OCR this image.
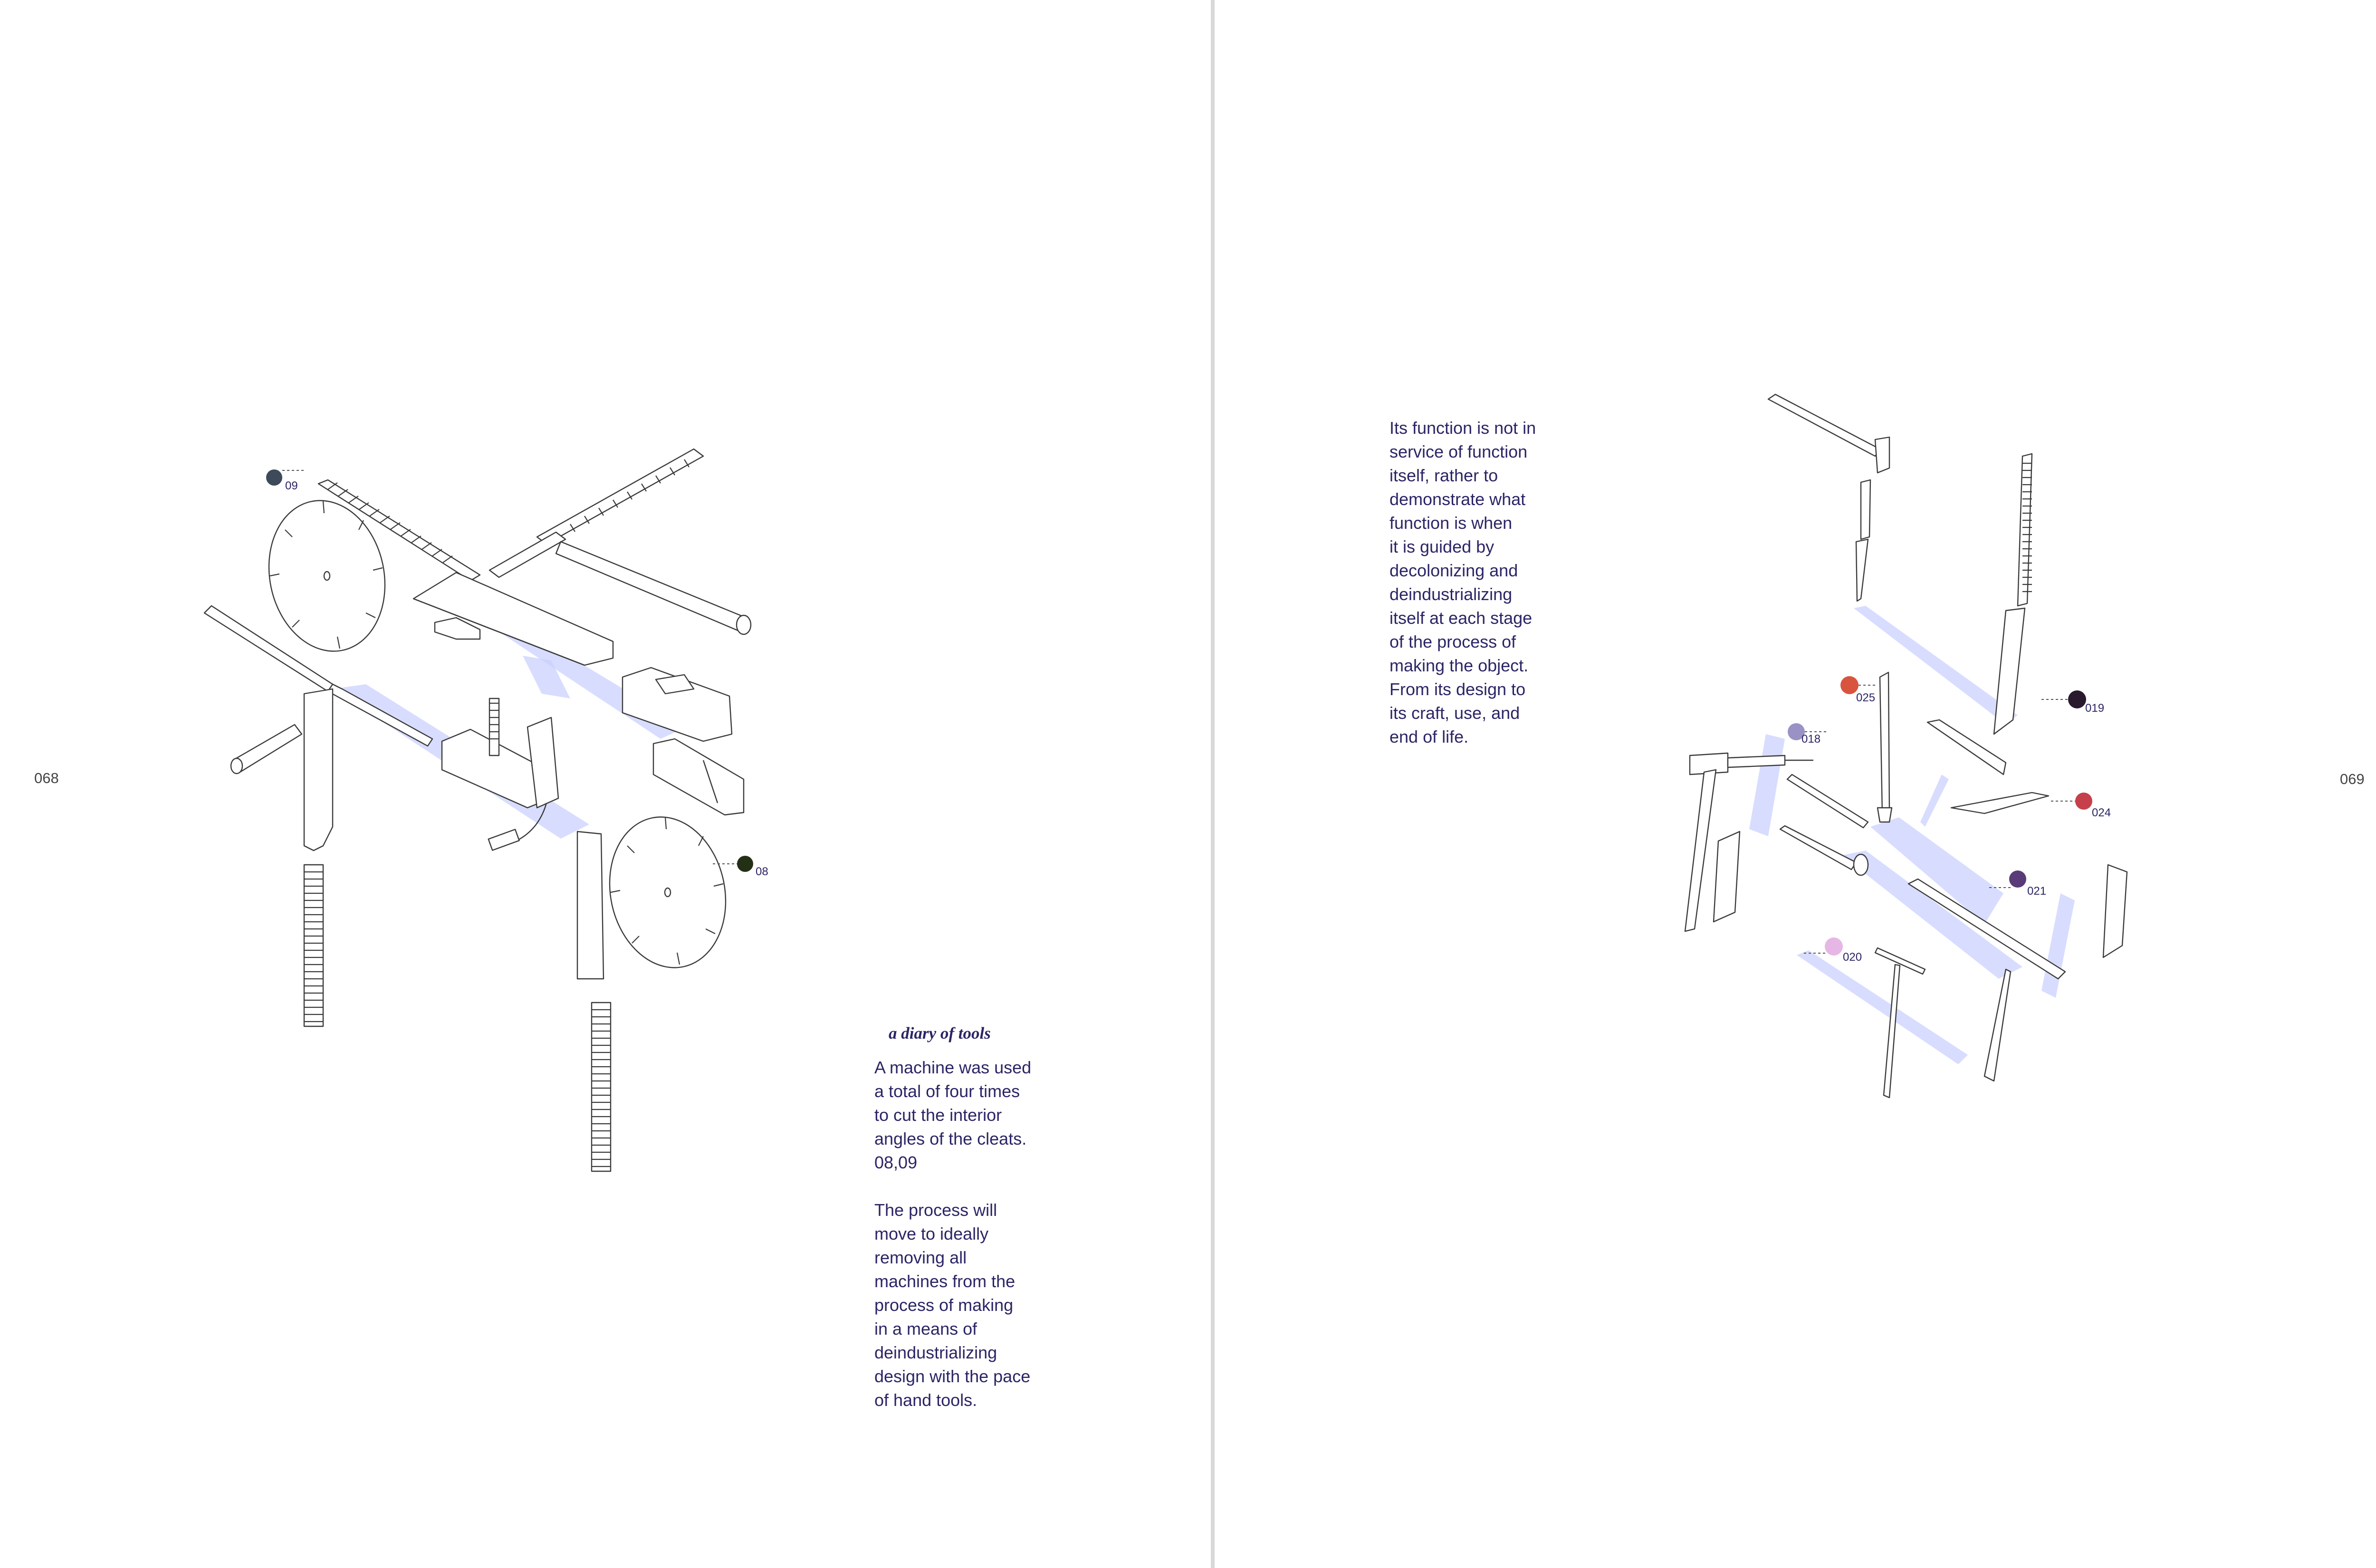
068
09
08
a diary of tools
A machine was used
a total of four times
to cut the interior
angles of the cleats.
08,09
The process will
move to ideally
removing all
machines from the
process of making
in a means of
deindustrializing
design with the pace
of hand tools.
069
Its function is not in
service of function
itself, rather to
demonstrate what
function is when
it is guided by
decolonizing and
deindustrializing
itself at each stage
of the process of
making the object.
From its design to
its craft, use, and
end of life.
025
019
018
024
021
020
